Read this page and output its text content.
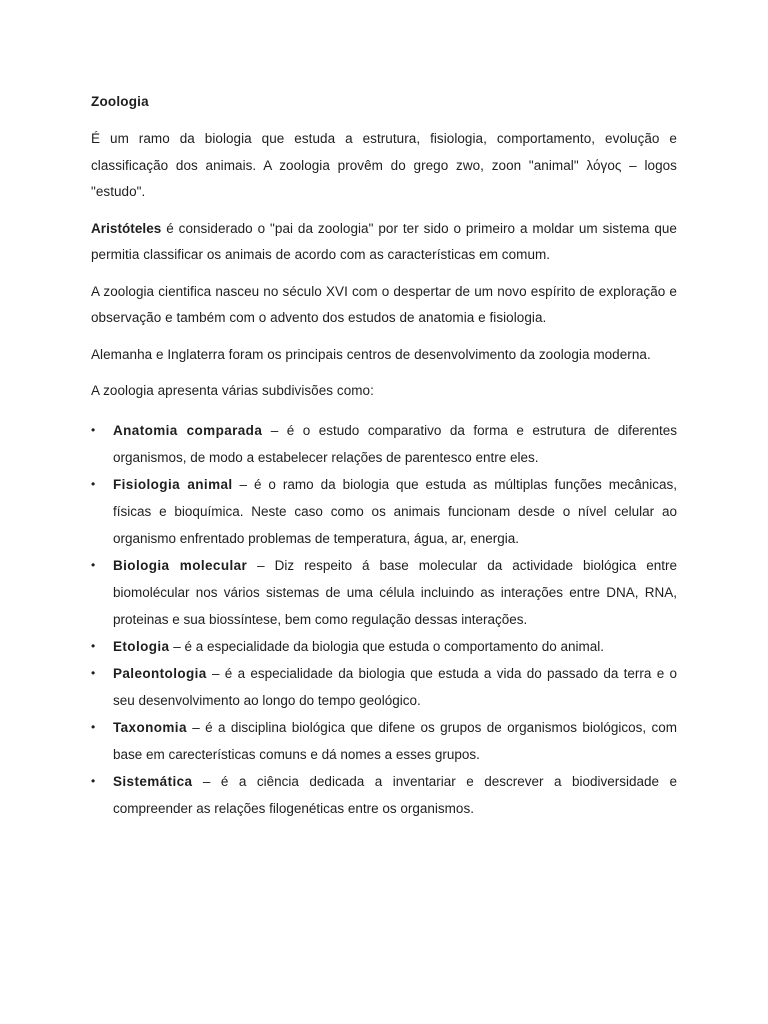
Zoologia

É um ramo da biologia que estuda a estrutura, fisiologia, comportamento, evolução e classificação dos animais. A zoologia provêm do grego zwo, zoon "animal" λόγος – logos "estudo".

Aristóteles é considerado o "pai da zoologia" por ter sido o primeiro a moldar um sistema que permitia classificar os animais de acordo com as características em comum.

A zoologia cientifica nasceu no século XVI com o despertar de um novo espírito de exploração e observação e também com o advento dos estudos de anatomia e fisiologia.

Alemanha e Inglaterra foram os principais centros de desenvolvimento da zoologia moderna.

A zoologia apresenta várias subdivisões como:

•	Anatomia comparada – é o estudo comparativo da forma e estrutura de diferentes organismos, de modo a estabelecer relações de parentesco entre eles.
•	Fisiologia animal – é o ramo da biologia que estuda as múltiplas funções mecânicas, físicas e bioquímica. Neste caso como os animais funcionam desde o nível celular ao organismo enfrentado problemas de temperatura, água, ar, energia.
•	Biologia molecular – Diz respeito á base molecular da actividade biológica entre biomolécular nos vários sistemas de uma célula incluindo as interações entre DNA, RNA, proteinas e sua biossíntese, bem como regulação dessas interações.
•	Etologia – é a especialidade da biologia que estuda o comportamento do animal.
•	Paleontologia – é a especialidade da biologia que estuda a vida do passado da terra e o seu desenvolvimento ao longo do tempo geológico.
•	Taxonomia – é a disciplina biológica que difene os grupos de organismos biológicos, com base em carecterísticas comuns e dá nomes a esses grupos.
•	Sistemática – é a ciência dedicada a inventariar e descrever a biodiversidade e compreender as relações filogenéticas entre os organismos.
